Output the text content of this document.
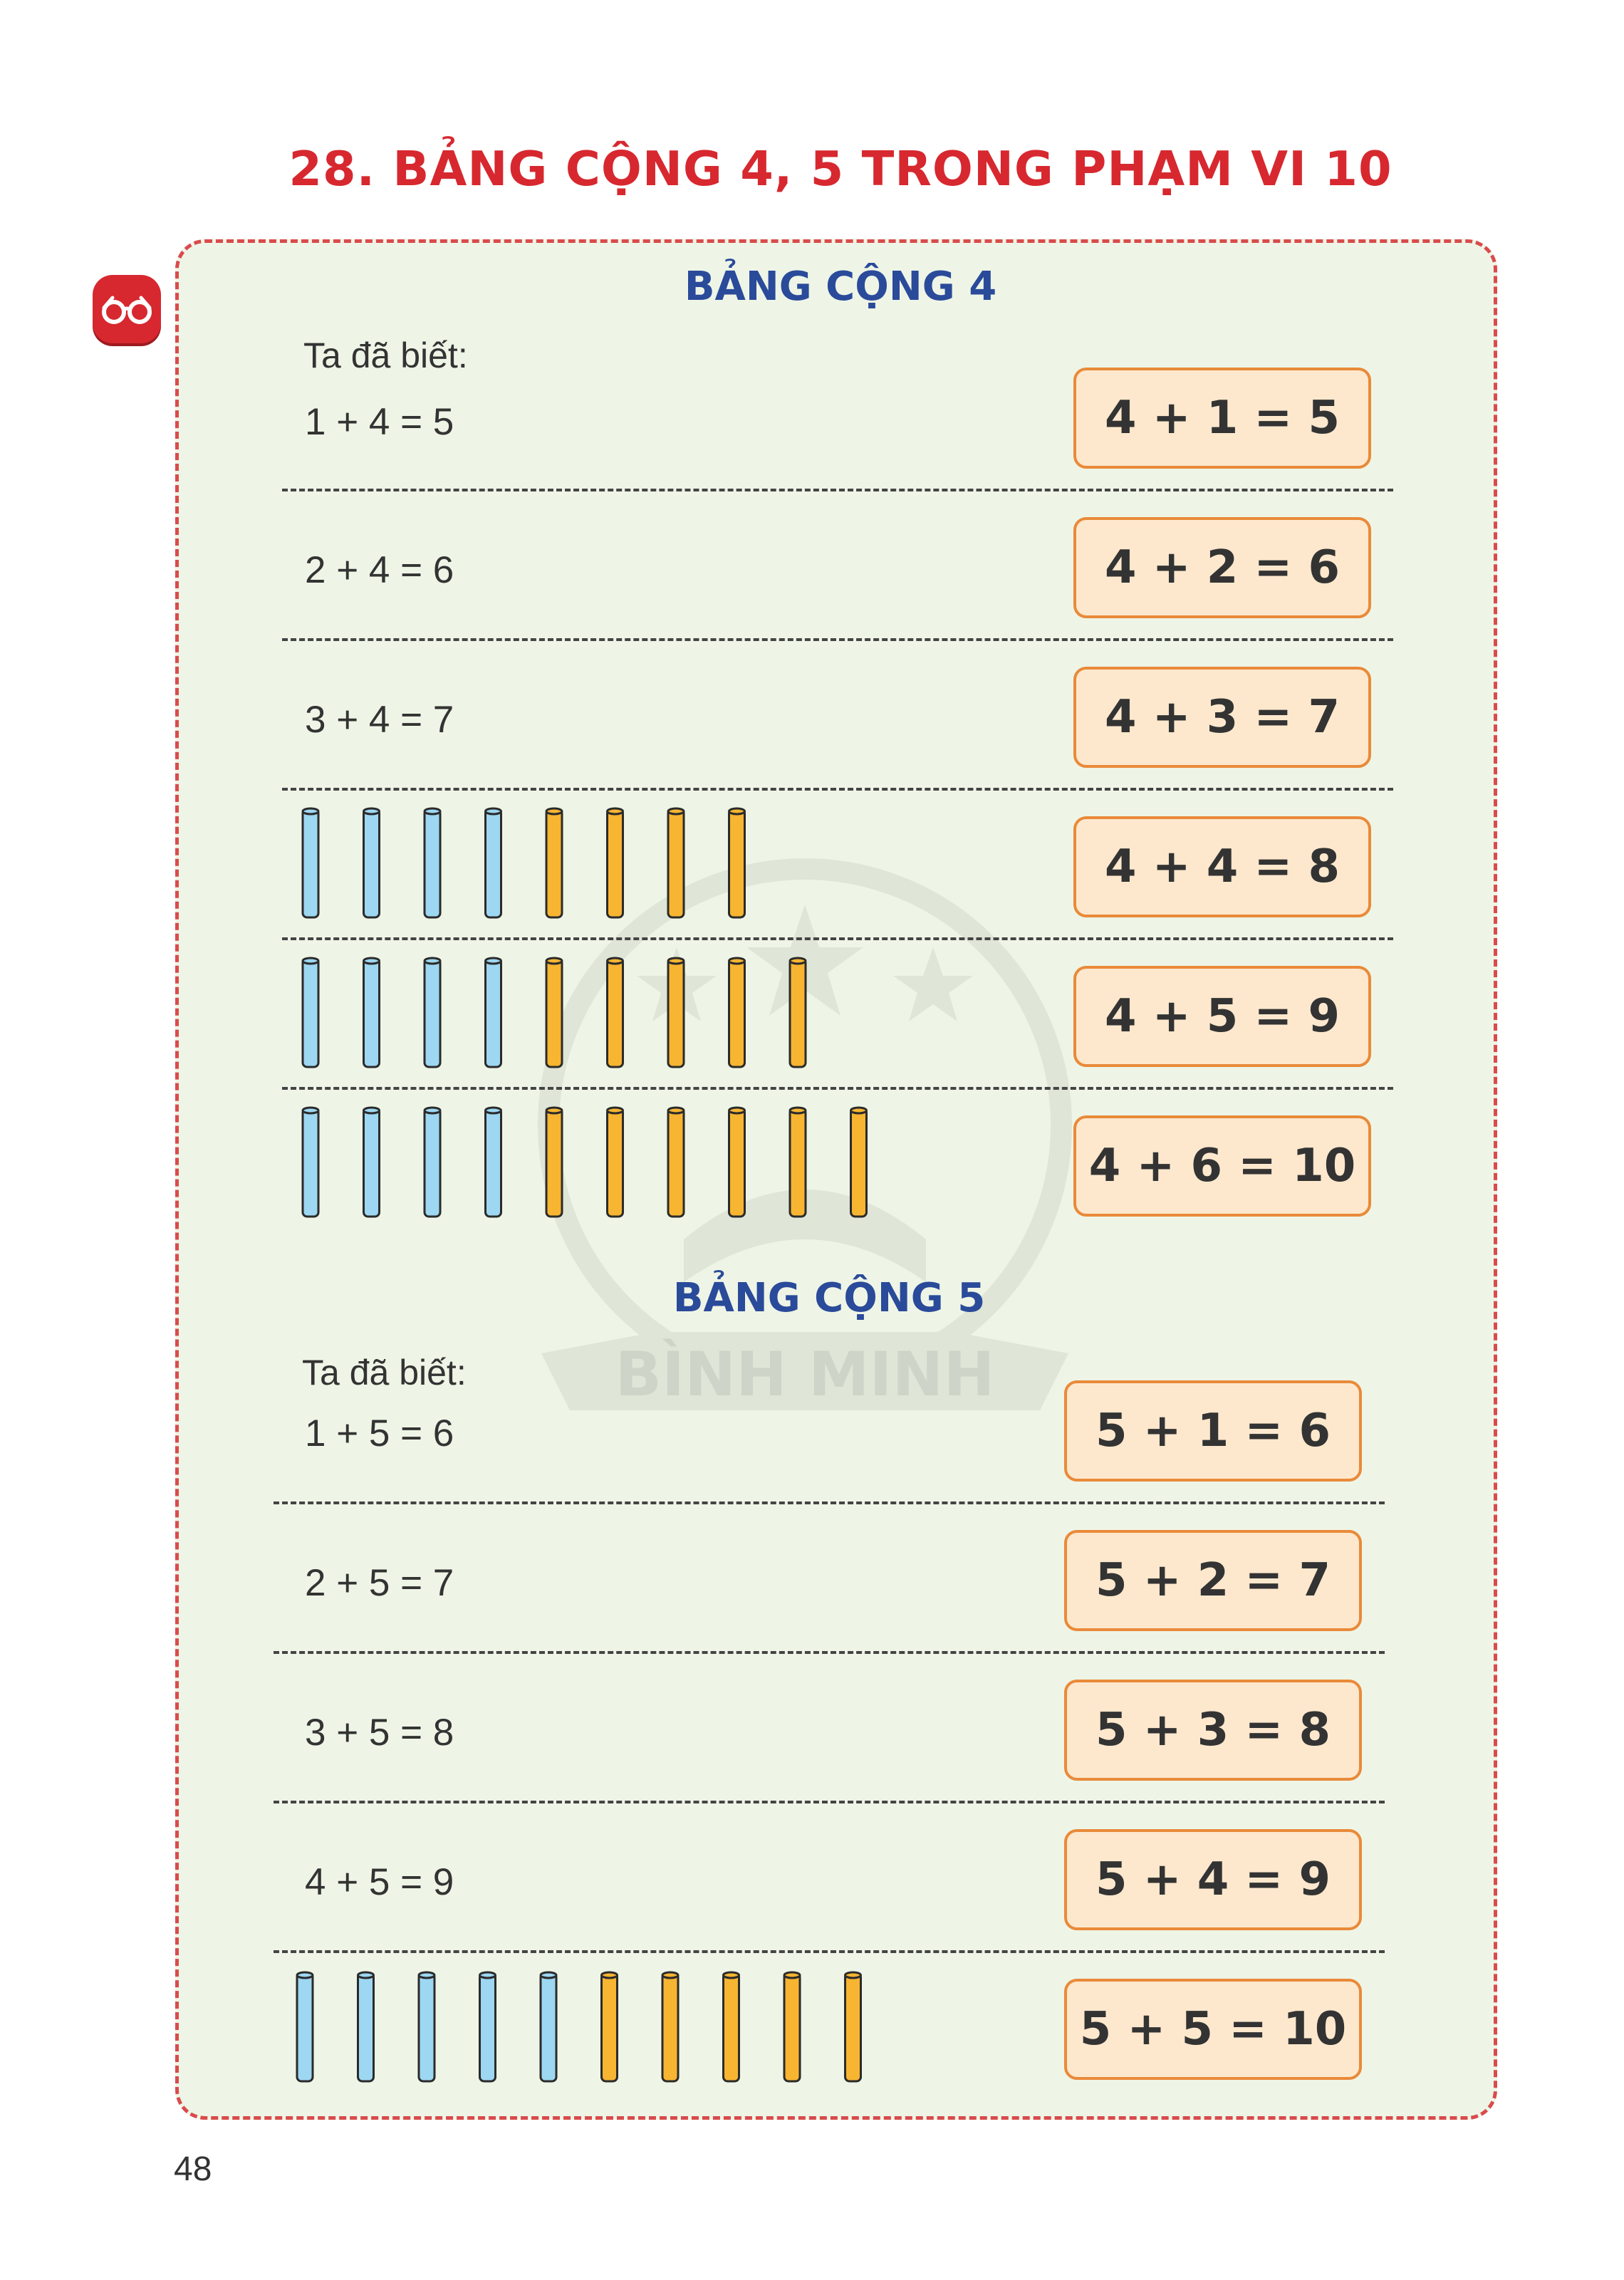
28. BẢNG CỘNG 4, 5 TRONG PHẠM VI 10
BÌNH MINH
BẢNG CỘNG 4
Ta đã biết:
1 + 4 = 5
2 + 4 = 6
3 + 4 = 7
4 + 1 = 5
4 + 2 = 6
4 + 3 = 7
4 + 4 = 8
4 + 5 = 9
4 + 6 = 10
BẢNG CỘNG 5
Ta đã biết:
1 + 5 = 6
2 + 5 = 7
3 + 5 = 8
4 + 5 = 9
5 + 1 = 6
5 + 2 = 7
5 + 3 = 8
5 + 4 = 9
5 + 5 = 10
48
